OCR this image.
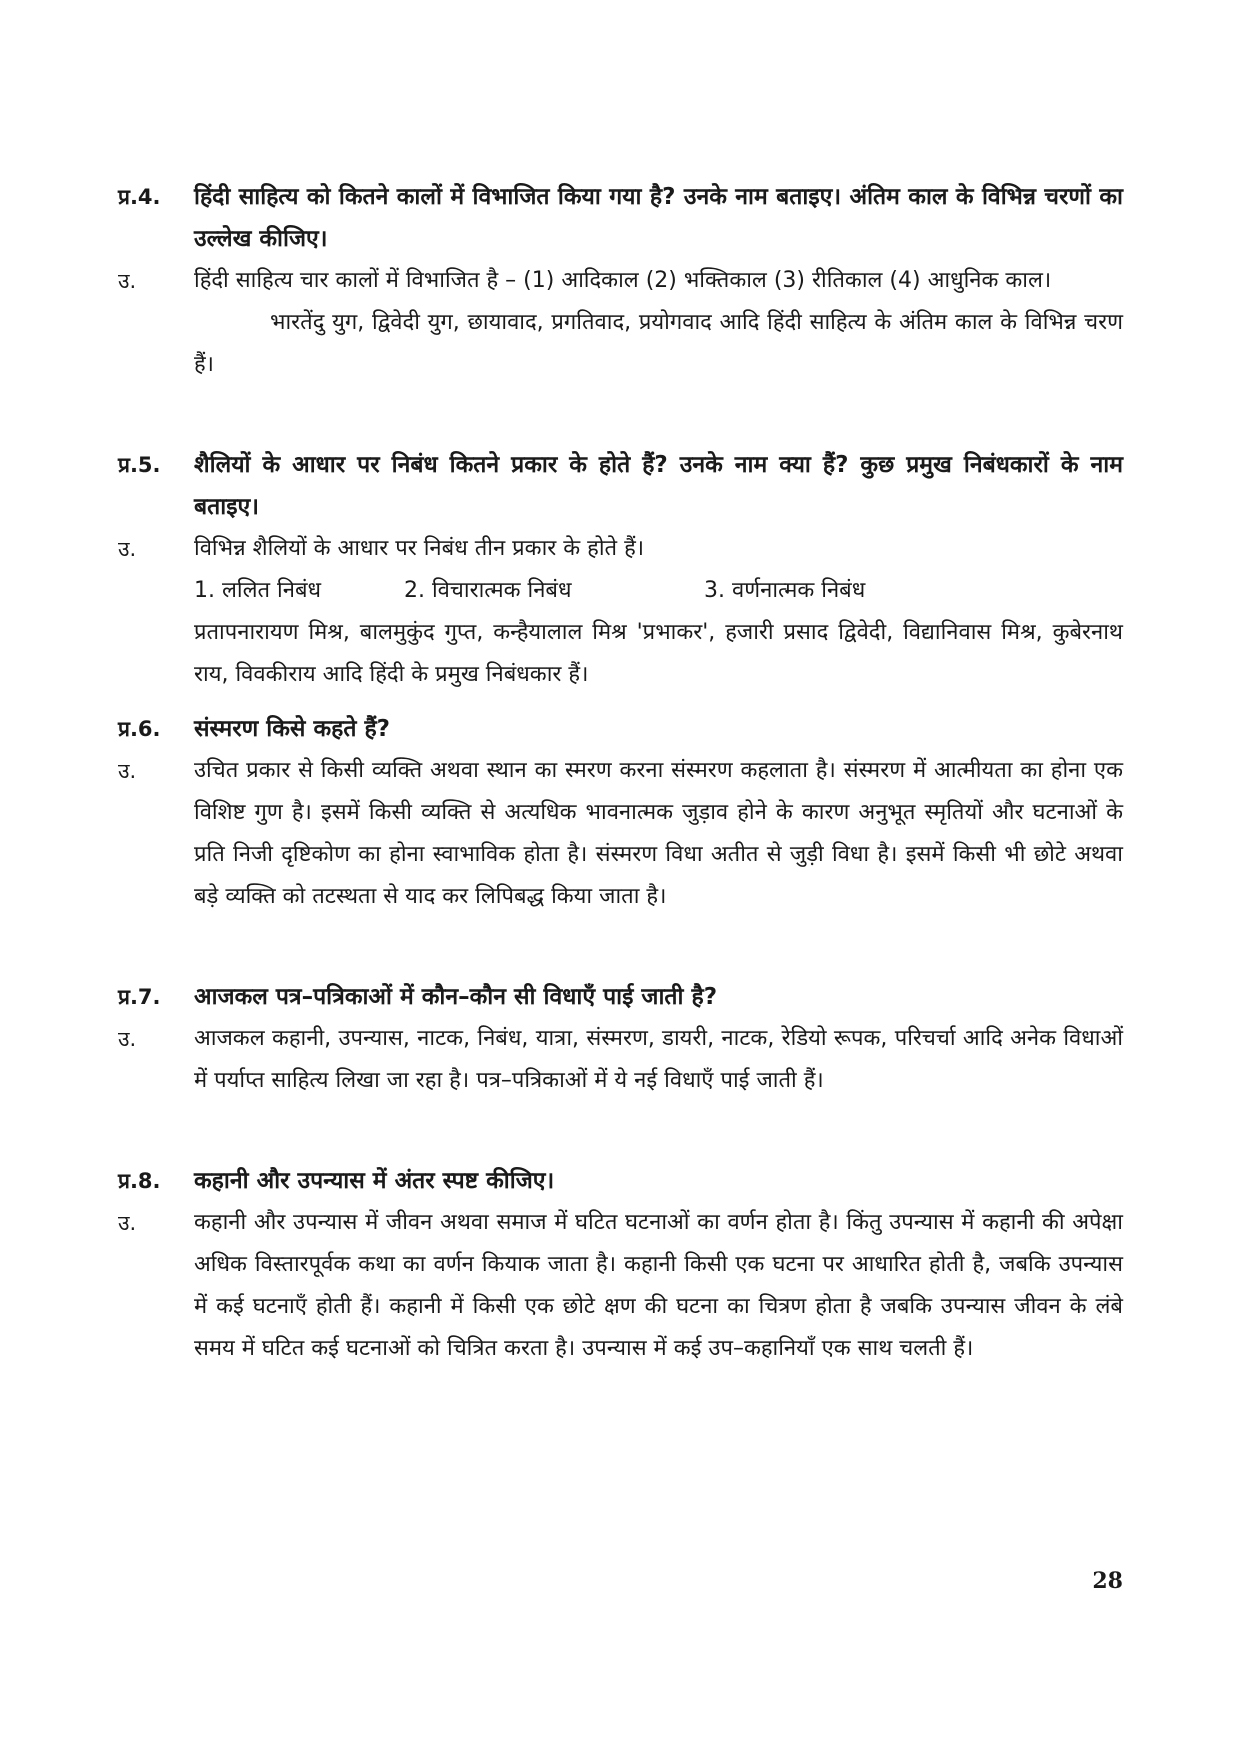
प्र.4.	हिंदी साहित्य को कितने कालों में विभाजित किया गया है? उनके नाम बताइए। अंतिम काल के विभिन्न चरणों का उल्लेख कीजिए।
उ.	हिंदी साहित्य चार कालों में विभाजित है – (1) आदिकाल (2) भक्तिकाल (3) रीतिकाल (4) आधुनिक काल।
भारतेंदु युग, द्विवेदी युग, छायावाद, प्रगतिवाद, प्रयोगवाद आदि हिंदी साहित्य के अंतिम काल के विभिन्न चरण हैं।
प्र.5.	शैलियों के आधार पर निबंध कितने प्रकार के होते हैं? उनके नाम क्या हैं? कुछ प्रमुख निबंधकारों के नाम बताइए।
उ.	विभिन्न शैलियों के आधार पर निबंध तीन प्रकार के होते हैं।
1. ललित निबंध	2. विचारात्मक निबंध	3. वर्णनात्मक निबंध
प्रतापनारायण मिश्र, बालमुकुंद गुप्त, कन्हैयालाल मिश्र 'प्रभाकर', हजारी प्रसाद द्विवेदी, विद्यानिवास मिश्र, कुबेरनाथ राय, विवकीराय आदि हिंदी के प्रमुख निबंधकार हैं।
प्र.6.	संस्मरण किसे कहते हैं?
उ.	उचित प्रकार से किसी व्यक्ति अथवा स्थान का स्मरण करना संस्मरण कहलाता है। संस्मरण में आत्मीयता का होना एक विशिष्ट गुण है। इसमें किसी व्यक्ति से अत्यधिक भावनात्मक जुड़ाव होने के कारण अनुभूत स्मृतियों और घटनाओं के प्रति निजी दृष्टिकोण का होना स्वाभाविक होता है। संस्मरण विधा अतीत से जुड़ी विधा है। इसमें किसी भी छोटे अथवा बड़े व्यक्ति को तटस्थता से याद कर लिपिबद्ध किया जाता है।
प्र.7.	आजकल पत्र–पत्रिकाओं में कौन–कौन सी विधाएँ पाई जाती है?
उ.	आजकल कहानी, उपन्यास, नाटक, निबंध, यात्रा, संस्मरण, डायरी, नाटक, रेडियो रूपक, परिचर्चा आदि अनेक विधाओं में पर्याप्त साहित्य लिखा जा रहा है। पत्र–पत्रिकाओं में ये नई विधाएँ पाई जाती हैं।
प्र.8.	कहानी और उपन्यास में अंतर स्पष्ट कीजिए।
उ.	कहानी और उपन्यास में जीवन अथवा समाज में घटित घटनाओं का वर्णन होता है। किंतु उपन्यास में कहानी की अपेक्षा अधिक विस्तारपूर्वक कथा का वर्णन कियाक जाता है। कहानी किसी एक घटना पर आधारित होती है, जबकि उपन्यास में कई घटनाएँ होती हैं। कहानी में किसी एक छोटे क्षण की घटना का चित्रण होता है जबकि उपन्यास जीवन के लंबे समय में घटित कई घटनाओं को चित्रित करता है। उपन्यास में कई उप–कहानियाँ एक साथ चलती हैं।
28
